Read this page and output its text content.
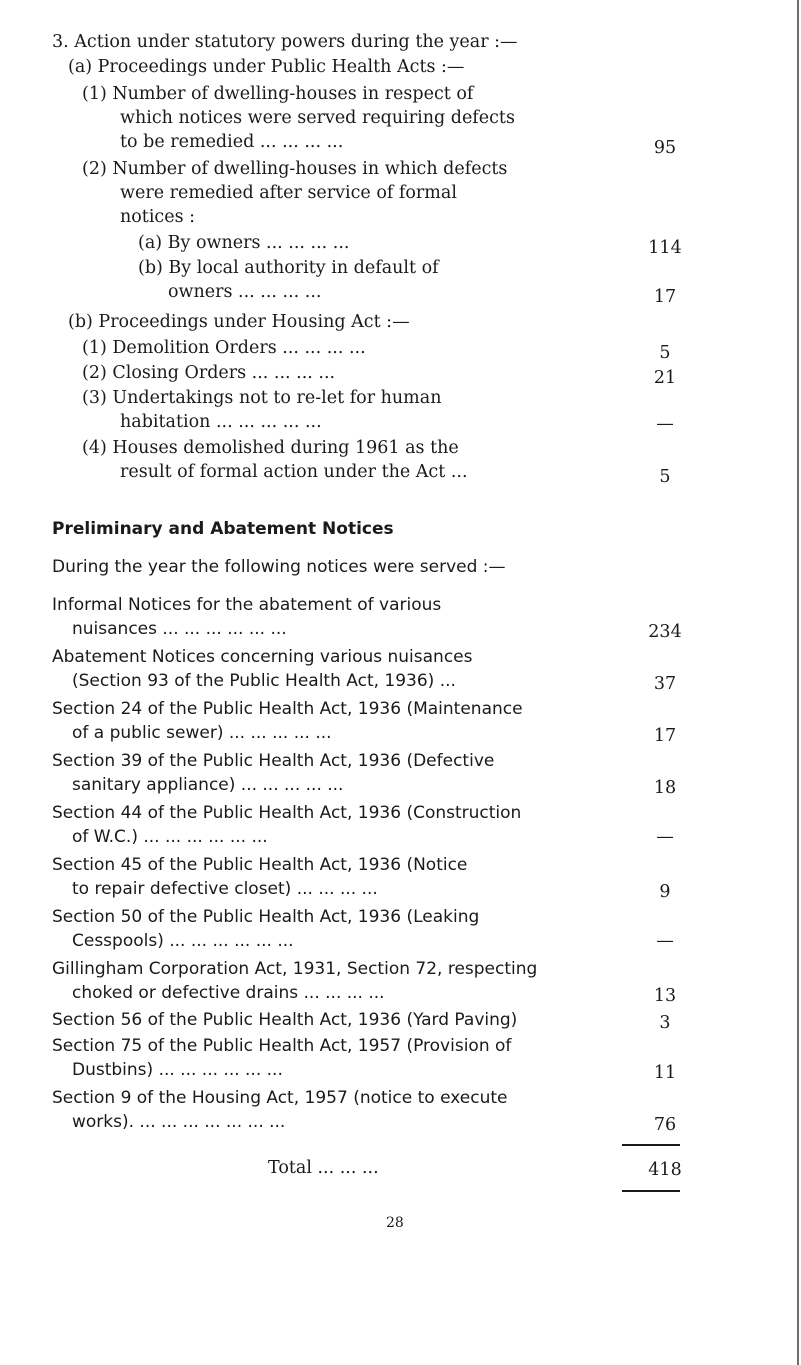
3. Action under statutory powers during the year :—
(a) Proceedings under Public Health Acts :—
(1) Number of dwelling-houses in respect of
which notices were served requiring defects
to be remedied ... ... ... ...	95
(2) Number of dwelling-houses in which defects
were remedied after service of formal
notices :
(a) By owners ... ... ... ...	114
(b) By local authority in default of
owners ... ... ... ...	17
(b) Proceedings under Housing Act :—
(1) Demolition Orders ... ... ... ...	5
(2) Closing Orders ... ... ... ...	21
(3) Undertakings not to re-let for human
habitation ... ... ... ... ...	—
(4) Houses demolished during 1961 as the
result of formal action under the Act ...	5
Preliminary and Abatement Notices
During the year the following notices were served :—
Informal Notices for the abatement of various
nuisances ... ... ... ... ... ...	234
Abatement Notices concerning various nuisances
(Section 93 of the Public Health Act, 1936) ...	37
Section 24 of the Public Health Act, 1936 (Maintenance
of a public sewer) ... ... ... ... ...	17
Section 39 of the Public Health Act, 1936 (Defective
sanitary appliance) ... ... ... ... ...	18
Section 44 of the Public Health Act, 1936 (Construction
of W.C.) ... ... ... ... ... ...	—
Section 45 of the Public Health Act, 1936 (Notice
to repair defective closet) ... ... ... ...	9
Section 50 of the Public Health Act, 1936 (Leaking
Cesspools) ... ... ... ... ... ...	—
Gillingham Corporation Act, 1931, Section 72, respecting
choked or defective drains ... ... ... ...	13
Section 56 of the Public Health Act, 1936 (Yard Paving)	3
Section 75 of the Public Health Act, 1957 (Provision of
Dustbins) ... ... ... ... ... ...	11
Section 9 of the Housing Act, 1957 (notice to execute
works). ... ... ... ... ... ... ...	76
Total ... ... ...	418
28
